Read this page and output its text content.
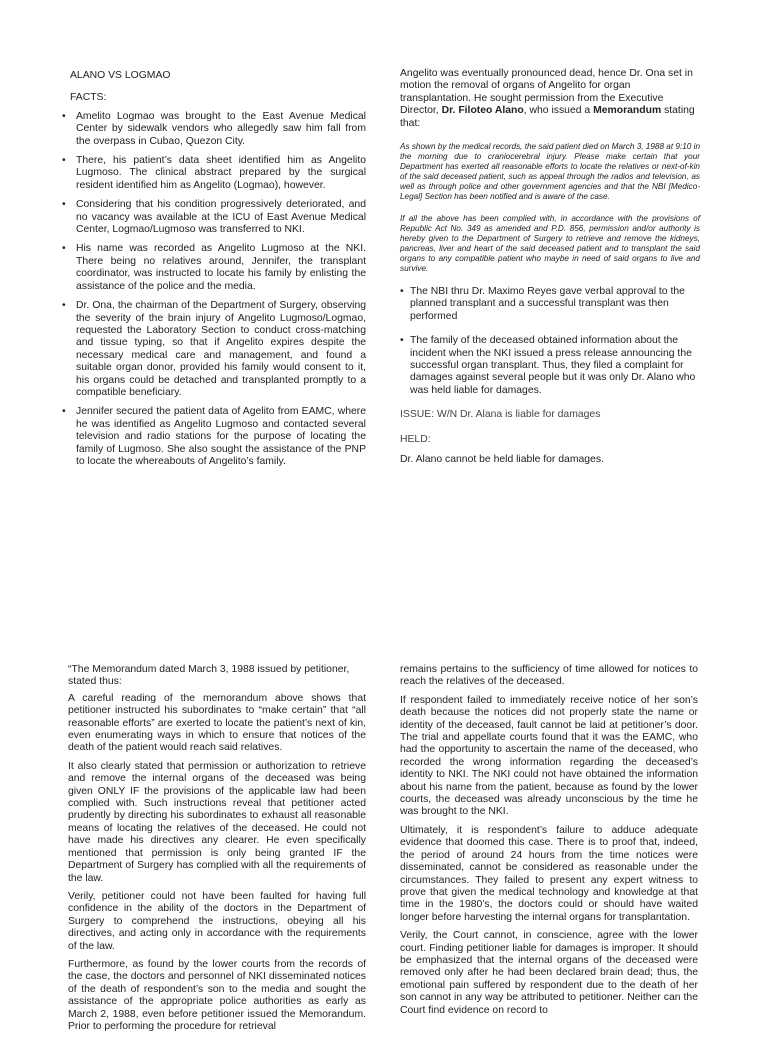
ALANO VS LOGMAO
FACTS:
• Amelito Logmao was brought to the East Avenue Medical Center by sidewalk vendors who allegedly saw him fall from the overpass in Cubao, Quezon City.
• There, his patient’s data sheet identified him as Angelito Lugmoso. The clinical abstract prepared by the surgical resident identified him as Angelito (Logmao), however.
• Considering that his condition progressively deteriorated, and no vacancy was available at the ICU of East Avenue Medical Center, Logmao/Lugmoso was transferred to NKI.
• His name was recorded as Angelito Lugmoso at the NKI. There being no relatives around, Jennifer, the transplant coordinator, was instructed to locate his family by enlisting the assistance of the police and the media.
• Dr. Ona, the chairman of the Department of Surgery, observing the severity of the brain injury of Angelito Lugmoso/Logmao, requested the Laboratory Section to conduct cross-matching and tissue typing, so that if Angelito expires despite the necessary medical care and management, and found a suitable organ donor, provided his family would consent to it, his organs could be detached and transplanted promptly to a compatible beneficiary.
• Jennifer secured the patient data of Agelito from EAMC, where he was identified as Angelito Lugmoso and contacted several television and radio stations for the purpose of locating the family of Lugmoso. She also sought the assistance of the PNP to locate the whereabouts of Angelito’s family.
Angelito was eventually pronounced dead, hence Dr. Ona set in motion the removal of organs of Angelito for organ transplantation. He sought permission from the Executive Director, Dr. Filoteo Alano, who issued a Memorandum stating that:
As shown by the medical records, the said patient died on March 3, 1988 at 9:10 in the morning due to craniocerebral injury. Please make certain that your Department has exerted all reasonable efforts to locate the relatives or next-of-kin of the said deceased patient, such as appeal through the radios and television, as well as through police and other government agencies and that the NBI [Medico-Legal] Section has been notified and is aware of the case.
If all the above has been complied with, in accordance with the provisions of Republic Act No. 349 as amended and P.D. 856, permission and/or authority is hereby given to the Department of Surgery to retrieve and remove the kidneys, pancreas, liver and heart of the said deceased patient and to transplant the said organs to any compatible patient who maybe in need of said organs to live and survive.
• The NBI thru Dr. Maximo Reyes gave verbal approval to the planned transplant and a successful transplant was then performed
• The family of the deceased obtained information about the incident when the NKI issued a press release announcing the successful organ transplant. Thus, they filed a complaint for damages against several people but it was only Dr. Alano who was held liable for damages.
ISSUE: W/N Dr. Alana is liable for damages
HELD:
Dr. Alano cannot be held liable for damages.

“The Memorandum dated March 3, 1988 issued by petitioner, stated thus:

A careful reading of the memorandum above shows that petitioner instructed his subordinates to “make certain” that “all reasonable efforts” are exerted to locate the patient’s next of kin, even enumerating ways in which to ensure that notices of the death of the patient would reach said relatives.

It also clearly stated that permission or authorization to retrieve and remove the internal organs of the deceased was being given ONLY IF the provisions of the applicable law had been complied with. Such instructions reveal that petitioner acted prudently by directing his subordinates to exhaust all reasonable means of locating the relatives of the deceased. He could not have made his directives any clearer. He even specifically mentioned that permission is only being granted IF the Department of Surgery has complied with all the requirements of the law.

Verily, petitioner could not have been faulted for having full confidence in the ability of the doctors in the Department of Surgery to comprehend the instructions, obeying all his directives, and acting only in accordance with the requirements of the law.

Furthermore, as found by the lower courts from the records of the case, the doctors and personnel of NKI disseminated notices of the death of respondent’s son to the media and sought the assistance of the appropriate police authorities as early as March 2, 1988, even before petitioner issued the Memorandum. Prior to performing the procedure for retrieval

remains pertains to the sufficiency of time allowed for notices to reach the relatives of the deceased.

If respondent failed to immediately receive notice of her son’s death because the notices did not properly state the name or identity of the deceased, fault cannot be laid at petitioner’s door. The trial and appellate courts found that it was the EAMC, who had the opportunity to ascertain the name of the deceased, who recorded the wrong information regarding the deceased’s identity to NKI. The NKI could not have obtained the information about his name from the patient, because as found by the lower courts, the deceased was already unconscious by the time he was brought to the NKI.

Ultimately, it is respondent’s failure to adduce adequate evidence that doomed this case. There is to proof that, indeed, the period of around 24 hours from the time notices were disseminated, cannot be considered as reasonable under the circumstances. They failed to present any expert witness to prove that given the medical technology and knowledge at that time in the 1980’s, the doctors could or should have waited longer before harvesting the internal organs for transplantation.

Verily, the Court cannot, in conscience, agree with the lower court. Finding petitioner liable for damages is improper. It should be emphasized that the internal organs of the deceased were removed only after he had been declared brain dead; thus, the emotional pain suffered by respondent due to the death of her son cannot in any way be attributed to petitioner. Neither can the Court find evidence on record to
